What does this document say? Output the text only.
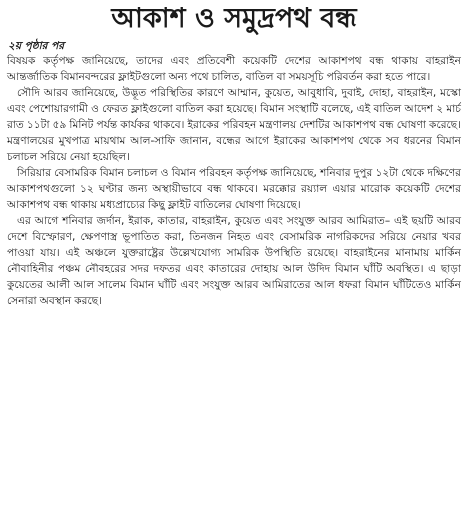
আকাশ ও সমুদ্রপথ বন্ধ
২য় পৃষ্ঠার পর

বিষয়ক কর্তৃপক্ষ জানিয়েছে, তাদের এবং প্রতিবেশী কয়েকটি দেশের আকাশপথ বন্ধ থাকায় বাহরাইন আন্তর্জাতিক বিমানবন্দরের ফ্লাইটগুলো অন্য পথে চালিত, বাতিল বা সময়সূচি পরিবর্তন করা হতে পারে।

সৌদি আরব জানিয়েছে, উদ্ভূত পরিস্থিতির কারণে আম্মান, কুয়েত, আবুধাবি, দুবাই, দোহা, বাহরাইন, মস্কো এবং পেশোয়ারগামী ও ফেরত ফ্লাইগুলো বাতিল করা হয়েছে। বিমান সংস্থাটি বলেছে, এই বাতিল আদেশ ২ মার্চ রাত ১১টা ৫৯ মিনিট পর্যন্ত কার্যকর থাকবে। ইরাকের পরিবহন মন্ত্রণালয় দেশটির আকাশপথ বন্ধ ঘোষণা করেছে। মন্ত্রণালয়ের মুখপাত্র মায়থাম আল-সাফি জানান, বন্ধের আগে ইরাকের আকাশপথ থেকে সব ধরনের বিমান চলাচল সরিয়ে নেয়া হয়েছিল।

সিরিয়ার বেসামরিক বিমান চলাচল ও বিমান পরিবহন কর্তৃপক্ষ জানিয়েছে, শনিবার দুপুর ১২টা থেকে দক্ষিণের আকাশপথগুলো ১২ ঘণ্টার জন্য অস্থায়ীভাবে বন্ধ থাকবে। মরক্কোর রয়্যাল এয়ার মারোক কয়েকটি দেশের আকাশপথ বন্ধ থাকায় মধ্যপ্রাচ্যের কিছু ফ্লাইট বাতিলের ঘোষণা দিয়েছে।

এর আগে শনিবার জর্দান, ইরাক, কাতার, বাহরাইন, কুয়েত এবং সংযুক্ত আরব আমিরাত– এই ছয়টি আরব দেশে বিস্ফোরণ, ক্ষেপণাস্ত্র ভূপাতিত করা, তিনজন নিহত এবং বেসামরিক নাগরিকদের সরিয়ে নেয়ার খবর পাওয়া যায়। এই অঞ্চলে যুক্তরাষ্ট্রের উল্লেখযোগ্য সামরিক উপস্থিতি রয়েছে। বাহরাইনের মানামায় মার্কিন নৌবাহিনীর পঞ্চম নৌবহরের সদর দফতর এবং কাতারের দোহায় আল উদিদ বিমান ঘাঁটি অবস্থিত। এ ছাড়া কুয়েতের আলী আল সালেম বিমান ঘাঁটি এবং সংযুক্ত আরব আমিরাতের আল ধফরা বিমান ঘাঁটিতেও মার্কিন সেনারা অবস্থান করছে।
